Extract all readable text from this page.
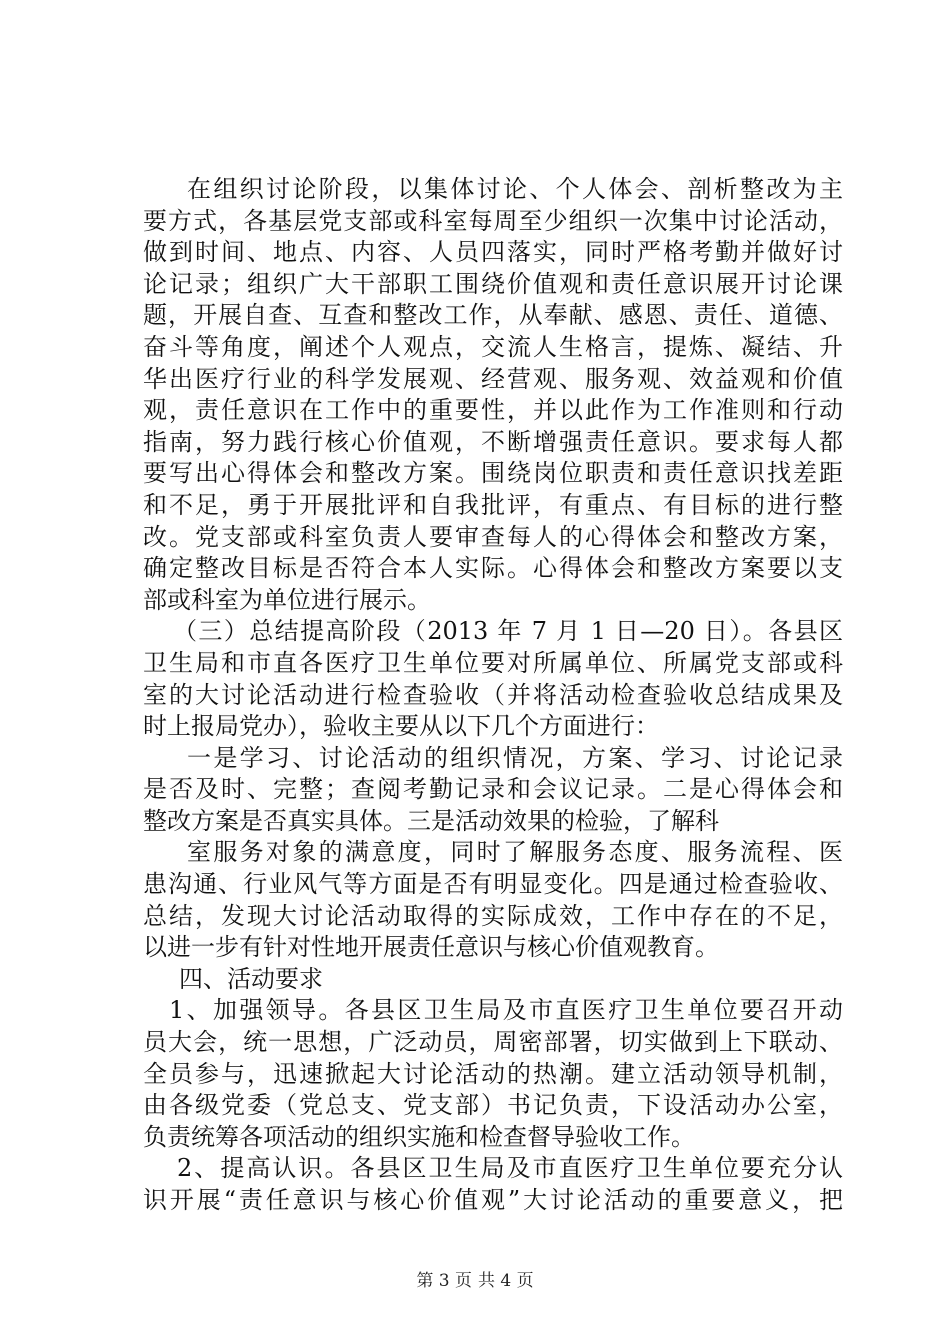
在组织讨论阶段，以集体讨论、个人体会、剖析整改为主
要方式，各基层党支部或科室每周至少组织一次集中讨论活动，
做到时间、地点、内容、人员四落实，同时严格考勤并做好讨
论记录；组织广大干部职工围绕价值观和责任意识展开讨论课
题，开展自查、互查和整改工作，从奉献、感恩、责任、道德、
奋斗等角度，阐述个人观点，交流人生格言，提炼、凝结、升
华出医疗行业的科学发展观、经营观、服务观、效益观和价值
观，责任意识在工作中的重要性，并以此作为工作准则和行动
指南，努力践行核心价值观，不断增强责任意识。要求每人都
要写出心得体会和整改方案。围绕岗位职责和责任意识找差距
和不足，勇于开展批评和自我批评，有重点、有目标的进行整
改。党支部或科室负责人要审查每人的心得体会和整改方案，
确定整改目标是否符合本人实际。心得体会和整改方案要以支
部或科室为单位进行展示。
（三）总结提高阶段（2013 年 7 月 1 日—20 日）。各县区
卫生局和市直各医疗卫生单位要对所属单位、所属党支部或科
室的大讨论活动进行检查验收（并将活动检查验收总结成果及
时上报局党办），验收主要从以下几个方面进行：
一是学习、讨论活动的组织情况，方案、学习、讨论记录
是否及时、完整；查阅考勤记录和会议记录。二是心得体会和
整改方案是否真实具体。三是活动效果的检验，了解科
室服务对象的满意度，同时了解服务态度、服务流程、医
患沟通、行业风气等方面是否有明显变化。四是通过检查验收、
总结，发现大讨论活动取得的实际成效，工作中存在的不足，
以进一步有针对性地开展责任意识与核心价值观教育。
四、活动要求
1、加强领导。各县区卫生局及市直医疗卫生单位要召开动
员大会，统一思想，广泛动员，周密部署，切实做到上下联动、
全员参与，迅速掀起大讨论活动的热潮。建立活动领导机制，
由各级党委（党总支、党支部）书记负责，下设活动办公室，
负责统筹各项活动的组织实施和检查督导验收工作。
2、提高认识。各县区卫生局及市直医疗卫生单位要充分认
识开展“责任意识与核心价值观”大讨论活动的重要意义，把
第 3 页 共 4 页
